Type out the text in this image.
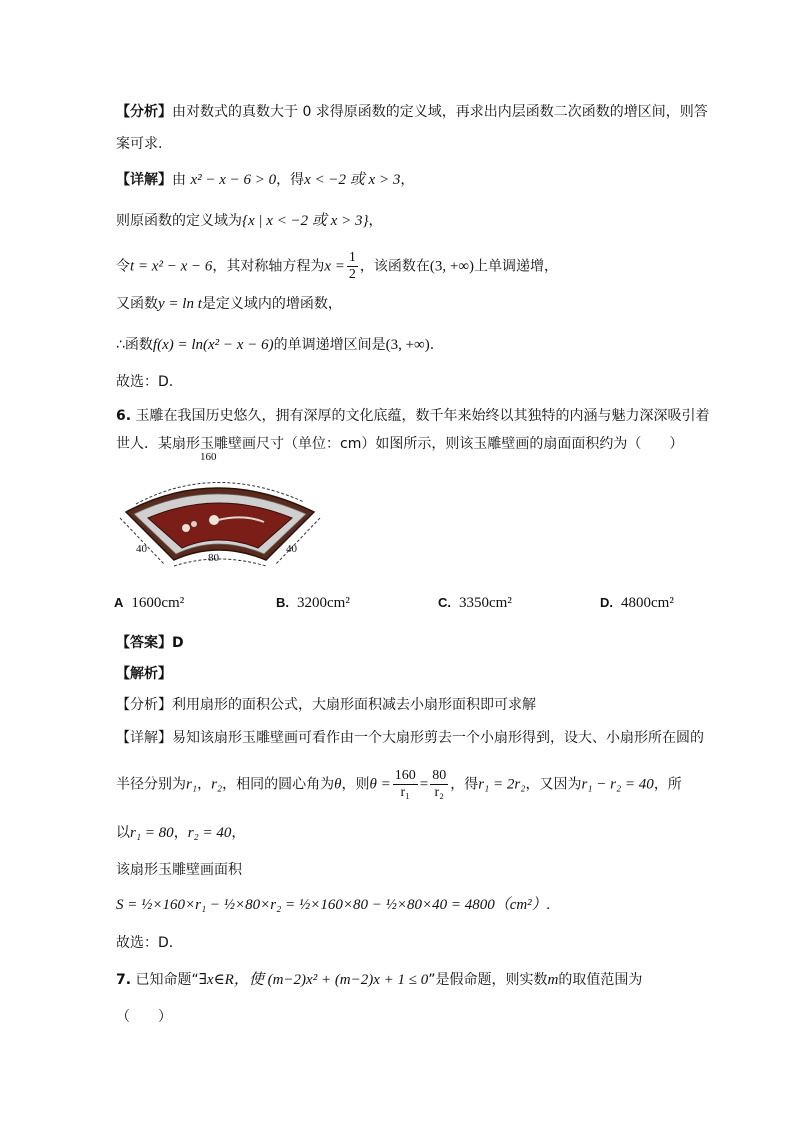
【分析】由对数式的真数大于 0 求得原函数的定义域，再求出内层函数二次函数的增区间，则答
案可求.
【详解】由 x² − x − 6 > 0，得x < −2 或 x > 3，
则原函数的定义域为{x | x < −2 或 x > 3}，
令t = x² − x − 6，其对称轴方程为$x = \frac{1}{2}$ ，该函数在(3, +∞)上单调递增，
又函数y = ln t是定义域内的增函数，
∴函数f(x) = ln(x² − x − 6)的单调递增区间是(3, +∞).
故选：D.
6. 玉雕在我国历史悠久，拥有深厚的文化底蕴，数千年来始终以其独特的内涵与魅力深深吸引着
世人．某扇形玉雕壁画尺寸（单位：cm）如图所示，则该玉雕壁画的扇面面积约为（　　）
160
40	40
80
A 1600cm²	B. 3200cm²	C. 3350cm²	D. 4800cm²
【答案】D
【解析】
【分析】利用扇形的面积公式，大扇形面积减去小扇形面积即可求解
【详解】易知该扇形玉雕壁画可看作由一个大扇形剪去一个小扇形得到，设大、小扇形所在圆的
半径分别为r₁，r₂，相同的圆心角为θ，则$\theta = \frac{160}{\text{r₁}} = \frac{80}{\text{r₂}}$ ，得r₁ = 2r₂，又因为r₁ − r₂ = 40，所
以r₁ = 80，r₂ = 40，
该扇形玉雕壁画面积
S = ½×160×r₁ − ½×80×r₂ = ½×160×80 − ½×80×40 = 4800（cm²）.
故选：D．
7. 已知命题“∃x∈R，使 (m−2)x² + (m−2)x + 1 ≤ 0”是假命题，则实数m的取值范围为
（　　）
